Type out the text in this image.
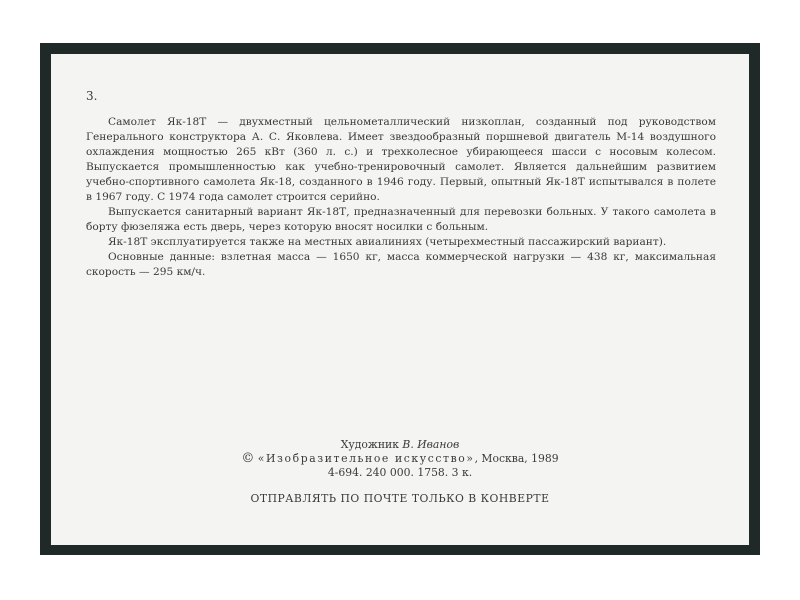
3.

Самолет Як-18Т — двухместный цельнометаллический низкоплан, созданный под руководством Генерального конструктора А. С. Яковлева. Имеет звездообразный поршневой двигатель М-14 воздушного охлаждения мощностью 265 кВт (360 л. с.) и трехколесное убирающееся шасси с носовым колесом. Выпускается промышленностью как учебно-тренировочный самолет. Является дальнейшим развитием учебно-спортивного самолета Як-18, созданного в 1946 году. Первый, опытный Як-18Т испытывался в полете в 1967 году. С 1974 года самолет строится серийно.

Выпускается санитарный вариант Як-18Т, предназначенный для перевозки больных. У такого самолета в борту фюзеляжа есть дверь, через которую вносят носилки с больным.

Як-18Т эксплуатируется также на местных авиалиниях (четырехместный пассажирский вариант).

Основные данные: взлетная масса — 1650 кг, масса коммерческой нагрузки — 438 кг, максимальная скорость — 295 км/ч.

Художник В. Иванов
© «Изобразительное искусство», Москва, 1989
4-694. 240 000. 1758. 3 к.
ОТПРАВЛЯТЬ ПО ПОЧТЕ ТОЛЬКО В КОНВЕРТЕ
